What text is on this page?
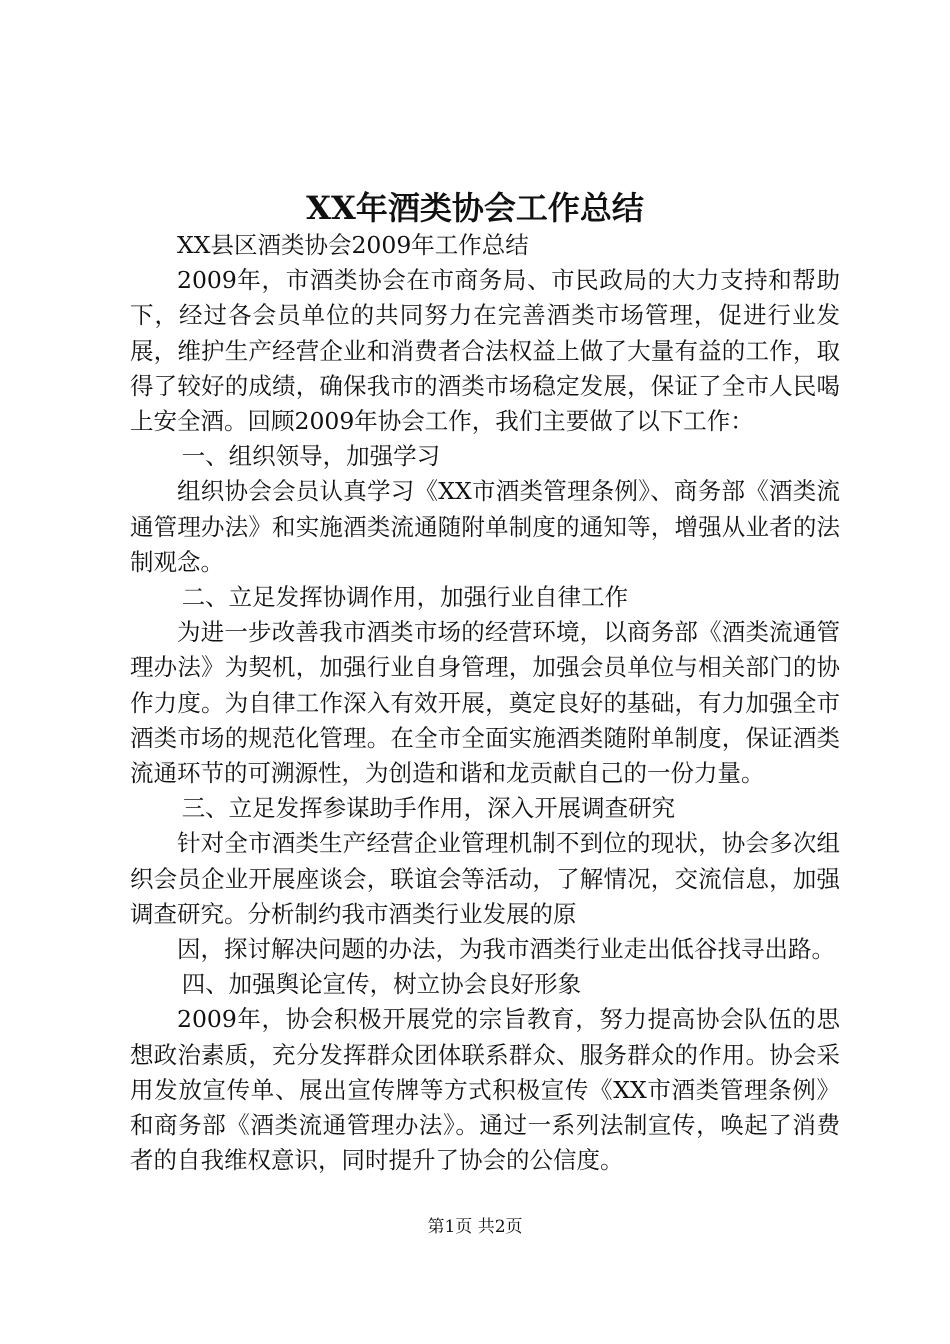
XX年酒类协会工作总结

XX县区酒类协会2009年工作总结

2009年，市酒类协会在市商务局、市民政局的大力支持和帮助下，经过各会员单位的共同努力在完善酒类市场管理，促进行业发展，维护生产经营企业和消费者合法权益上做了大量有益的工作，取得了较好的成绩，确保我市的酒类市场稳定发展，保证了全市人民喝上安全酒。回顾2009年协会工作，我们主要做了以下工作：

一、组织领导，加强学习

组织协会会员认真学习《XX市酒类管理条例》、商务部《酒类流通管理办法》和实施酒类流通随附单制度的通知等，增强从业者的法制观念。

二、立足发挥协调作用，加强行业自律工作

为进一步改善我市酒类市场的经营环境，以商务部《酒类流通管理办法》为契机，加强行业自身管理，加强会员单位与相关部门的协作力度。为自律工作深入有效开展，奠定良好的基础，有力加强全市酒类市场的规范化管理。在全市全面实施酒类随附单制度，保证酒类流通环节的可溯源性，为创造和谐和龙贡献自己的一份力量。

三、立足发挥参谋助手作用，深入开展调查研究

针对全市酒类生产经营企业管理机制不到位的现状，协会多次组织会员企业开展座谈会，联谊会等活动，了解情况，交流信息，加强调查研究。分析制约我市酒类行业发展的原

因，探讨解决问题的办法，为我市酒类行业走出低谷找寻出路。

四、加强舆论宣传，树立协会良好形象

2009年，协会积极开展党的宗旨教育，努力提高协会队伍的思想政治素质，充分发挥群众团体联系群众、服务群众的作用。协会采用发放宣传单、展出宣传牌等方式积极宣传《XX市酒类管理条例》和商务部《酒类流通管理办法》。通过一系列法制宣传，唤起了消费者的自我维权意识，同时提升了协会的公信度。

第1页 共2页
